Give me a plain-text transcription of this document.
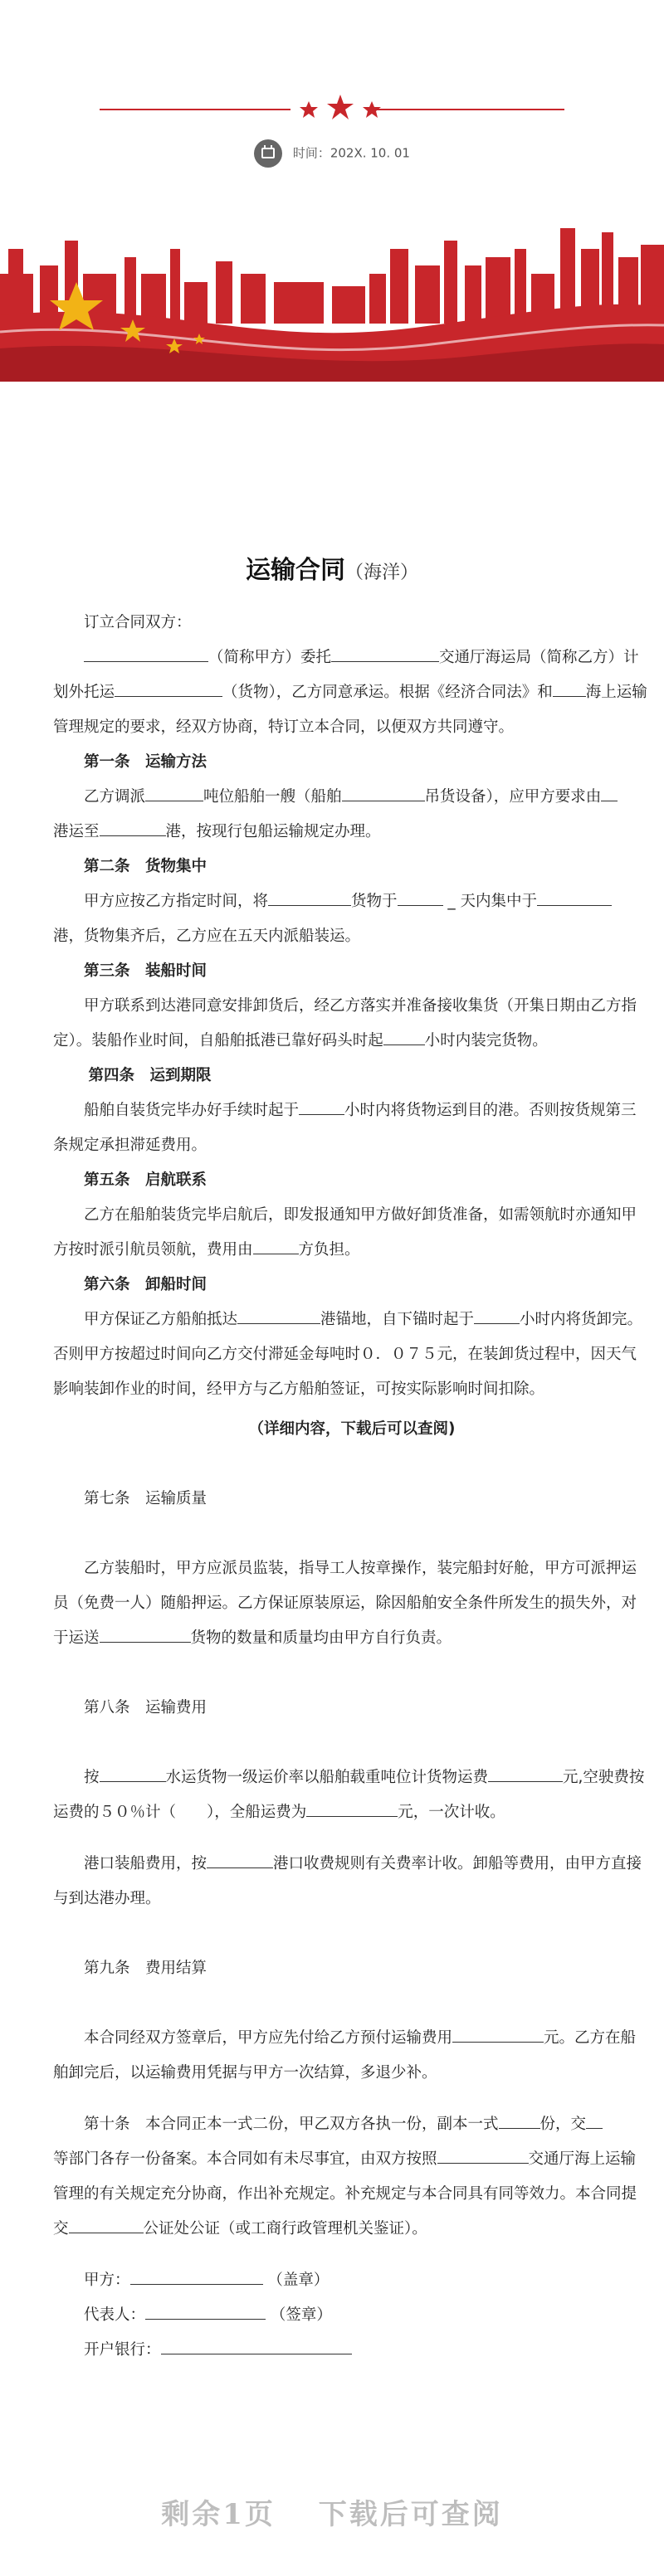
时间：202X. 10. 01
运输合同（海洋）

订立合同双方：

（简称甲方）委托	交通厅海运局（简称乙方）计划外托运	（货物），乙方同意承运。根据《经济合同法》和 海上运输管理规定的要求，经双方协商，特订立本合同，以便双方共同遵守。

第一条　运输方法

乙方调派	吨位船舶一艘（船舶	吊货设备），应甲方要求由
港运至	港，按现行包船运输规定办理。

第二条　货物集中

甲方应按乙方指定时间，将	货物于	_ 天内集中于
港，货物集齐后，乙方应在五天内派船装运。

第三条　装船时间

甲方联系到达港同意安排卸货后，经乙方落实并准备接收集货（开集日期由乙方指定）。装船作业时间，自船舶抵港已靠好码头时起	小时内装完货物。

第四条　运到期限

船舶自装货完毕办好手续时起于	小时内将货物运到目的港。否则按货规第三条规定承担滞延费用。

第五条　启航联系

乙方在船舶装货完毕启航后，即发报通知甲方做好卸货准备，如需领航时亦通知甲方按时派引航员领航，费用由	方负担。

第六条　卸船时间

甲方保证乙方船舶抵达	港锚地，自下锚时起于	小时内将货卸完。否则甲方按超过时间向乙方交付滞延金每吨时０．０７５元，在装卸货过程中，因天气影响装卸作业的时间，经甲方与乙方船舶签证，可按实际影响时间扣除。

（详细内容，下载后可以查阅)

第七条　运输质量

乙方装船时，甲方应派员监装，指导工人按章操作，装完船封好舱，甲方可派押运员（免费一人）随船押运。乙方保证原装原运，除因船舶安全条件所发生的损失外，对于运送	货物的数量和质量均由甲方自行负责。

第八条　运输费用

按	水运货物一级运价率以船舶载重吨位计货物运费	元,空驶费按运费的５０％计（　　），全船运费为	元，一次计收。

港口装船费用，按	港口收费规则有关费率计收。卸船等费用，由甲方直接与到达港办理。

第九条　费用结算

本合同经双方签章后，甲方应先付给乙方预付运输费用	元。乙方在船舶卸完后，以运输费用凭据与甲方一次结算，多退少补。

第十条　本合同正本一式二份，甲乙双方各执一份，副本一式	份，交
等部门各存一份备案。本合同如有未尽事宜，由双方按照	交通厅海上运输管理的有关规定充分协商，作出补充规定。补充规定与本合同具有同等效力。本合同提交	公证处公证（或工商行政管理机关鉴证）。

甲方：	（盖章）

代表人：	（签章）

开户银行：

剩余1页　 下载后可查阅
